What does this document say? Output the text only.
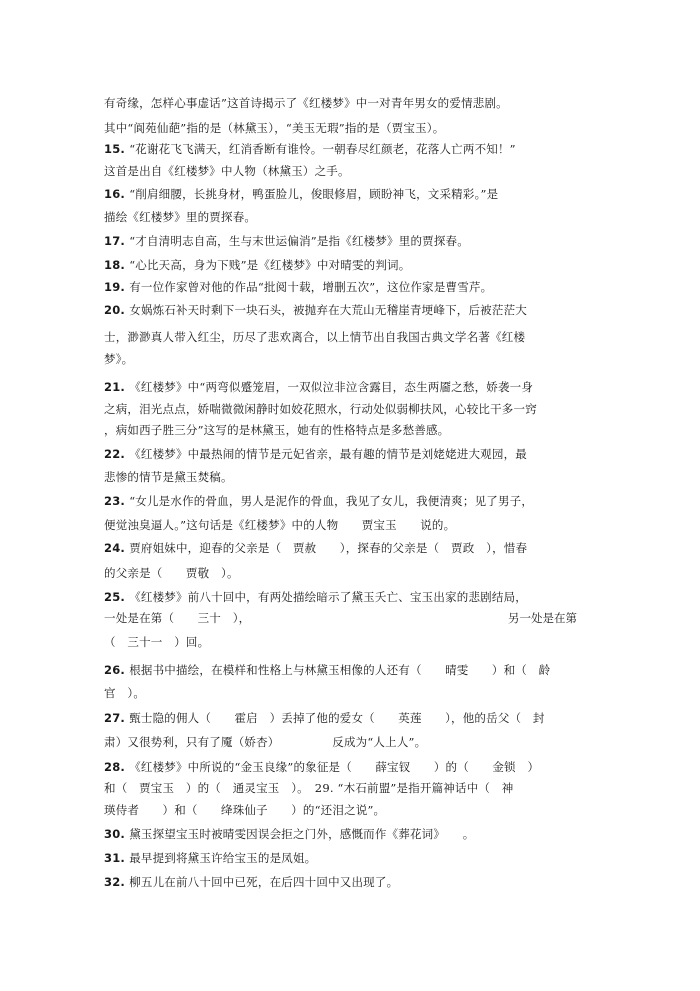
有奇缘，怎样心事虚话”这首诗揭示了《红楼梦》中一对青年男女的爱情悲剧。
其中“阆苑仙葩”指的是（林黛玉），“美玉无瑕”指的是（贾宝玉）。
15. “花谢花飞飞满天，红消香断有谁怜。一朝春尽红颜老，花落人亡两不知！”
这首是出自《红楼梦》中人物（林黛玉）之手。
16. “削肩细腰，长挑身材，鸭蛋脸儿，俊眼修眉，顾盼神飞，文采精彩。”是
描绘《红楼梦》里的贾探春。
17. “才自清明志自高，生与末世运偏消”是指《红楼梦》里的贾探春。
18. “心比天高，身为下贱”是《红楼梦》中对晴雯的判词。
19. 有一位作家曾对他的作品“批阅十载，增删五次”，这位作家是曹雪芹。
20. 女娲炼石补天时剩下一块石头，被抛弃在大荒山无稽崖青埂峰下，后被茫茫大
士，渺渺真人带入红尘，历尽了悲欢离合，以上情节出自我国古典文学名著《红楼
梦》。
21. 《红楼梦》中“两弯似蹙笼眉，一双似泣非泣含露目，态生两靥之愁，娇袭一身
之病，泪光点点，娇喘微微闲静时如姣花照水，行动处似弱柳扶风，心较比干多一窍
，病如西子胜三分”这写的是林黛玉，她有的性格特点是多愁善感。
22. 《红楼梦》中最热闹的情节是元妃省亲，最有趣的情节是刘姥姥进大观园，最
悲惨的情节是黛玉焚稿。
23. “女儿是水作的骨血，男人是泥作的骨血，我见了女儿，我便清爽；见了男子，
便觉浊臭逼人。”这句话是《红楼梦》中的人物　　贾宝玉　　说的。
24. 贾府姐妹中，迎春的父亲是（　贾赦　　），探春的父亲是（　贾政　），惜春
的父亲是（　　贾敬　）。
25. 《红楼梦》前八十回中，有两处描绘暗示了黛玉夭亡、宝玉出家的悲剧结局，
一处是在第（　　三十　），	另一处是在第
（　三十一　）回。
26. 根据书中描绘，在模样和性格上与林黛玉相像的人还有（　　晴雯　　）和（　龄
官　）。
27. 甄士隐的佣人（　　霍启　）丢掉了他的爱女（　　英莲　　），他的岳父（　封
肃）又很势利，只有了魇（娇杏）　　　　　反成为“人上人”。
28. 《红楼梦》中所说的“金玉良缘”的象征是（　　薛宝钗　　）的（　　金锁　）
和（　贾宝玉　）的（　通灵宝玉　）。　29. “木石前盟”是指开篇神话中（　神
瑛侍者　　）和（　　绛珠仙子　　）的“还泪之说”。
30. 黛玉探望宝玉时被晴雯因误会拒之门外，感慨而作《葬花词》　　。
31. 最早提到将黛玉许给宝玉的是凤姐。
32. 柳五儿在前八十回中已死，在后四十回中又出现了。
